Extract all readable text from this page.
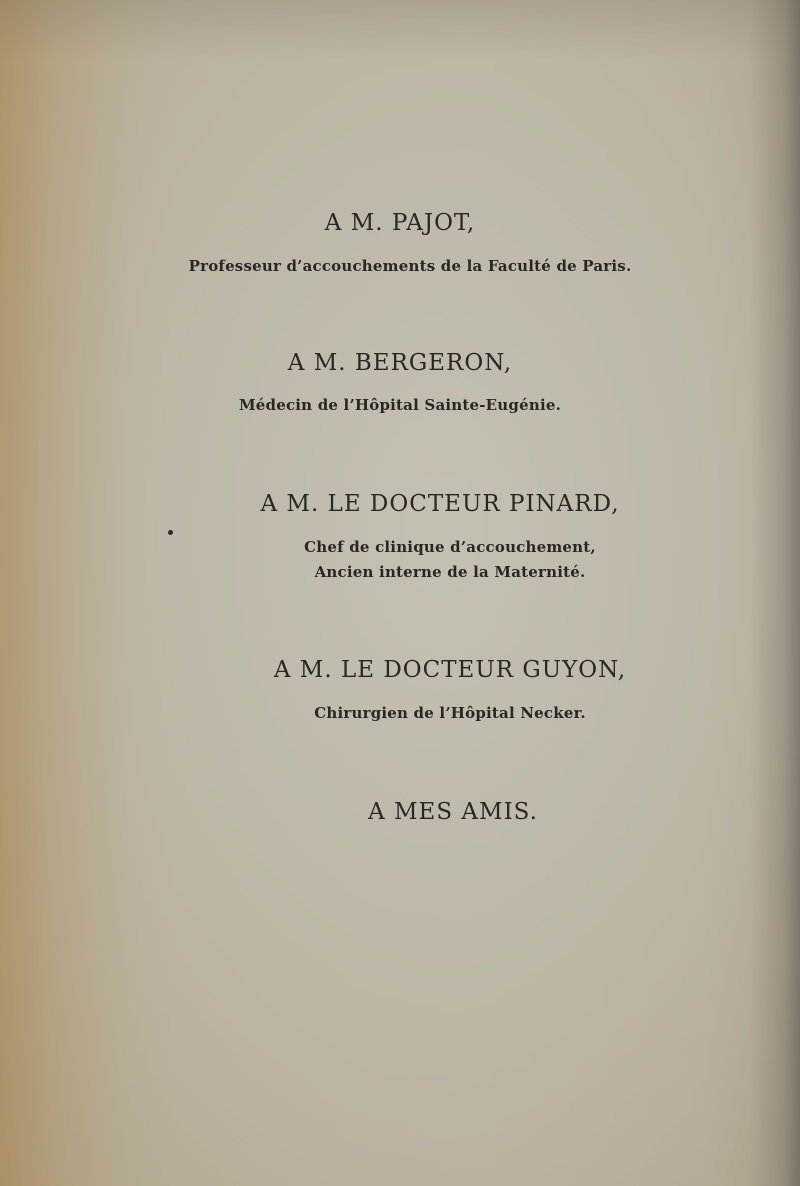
A M. PAJOT,
Professeur d’accouchements de la Faculté de Paris.
A M. BERGERON,
Médecin de l’Hôpital Sainte-Eugénie.
A M. LE DOCTEUR PINARD,
Chef de clinique d’accouchement,
Ancien interne de la Maternité.
A M. LE DOCTEUR GUYON,
Chirurgien de l’Hôpital Necker.
A MES AMIS.
